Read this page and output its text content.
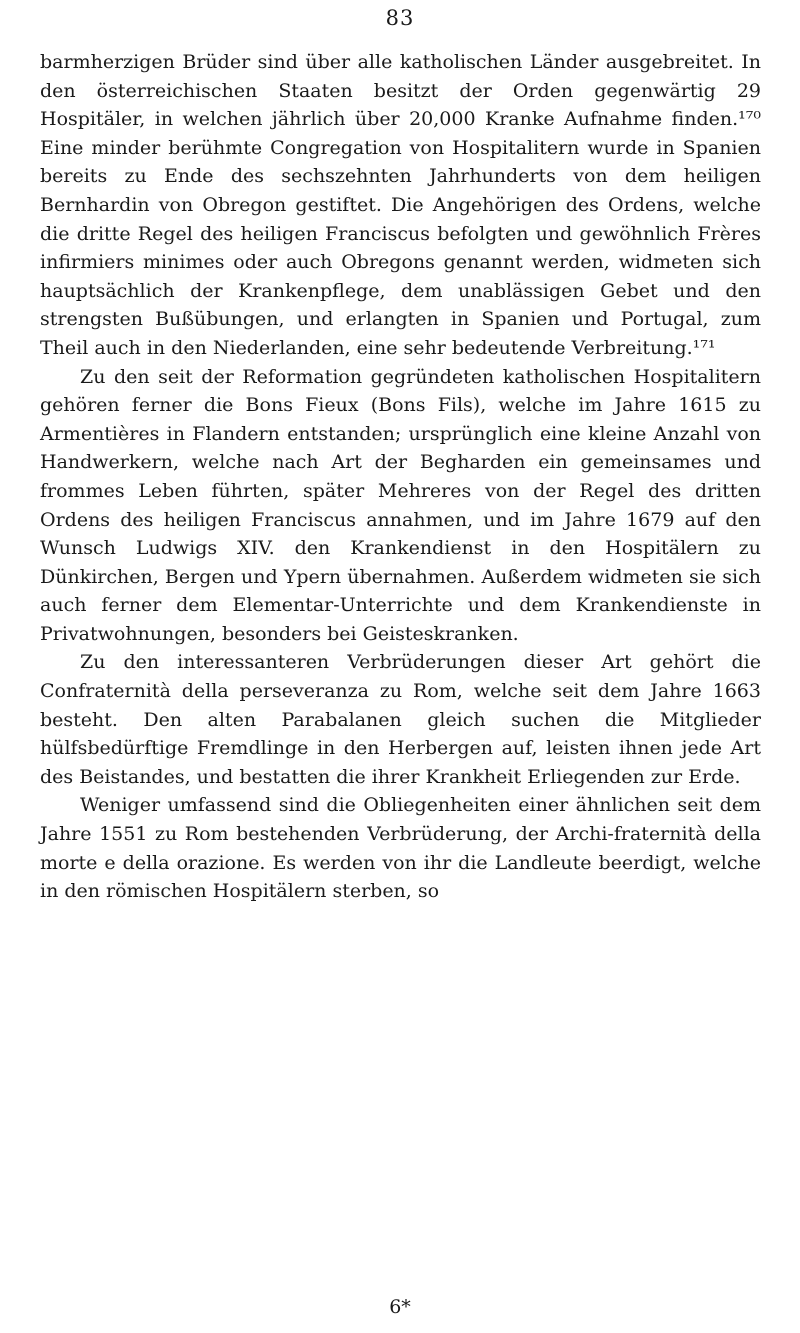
83

barmherzigen Brüder sind über alle katholischen Länder ausgebreitet. In den österreichischen Staaten besitzt der Orden gegenwärtig 29 Hospitäler, in welchen jährlich über 20,000 Kranke Aufnahme finden.¹⁷⁰ Eine minder berühmte Congregation von Hospitalitern wurde in Spanien bereits zu Ende des sechszehnten Jahrhunderts von dem heiligen Bernhardin von Obregon gestiftet. Die Angehörigen des Ordens, welche die dritte Regel des heiligen Franciscus befolgten und gewöhnlich Frères infirmiers minimes oder auch Obregons genannt werden, widmeten sich hauptsächlich der Krankenpflege, dem unablässigen Gebet und den strengsten Bußübungen, und erlangten in Spanien und Portugal, zum Theil auch in den Niederlanden, eine sehr bedeutende Verbreitung.¹⁷¹

Zu den seit der Reformation gegründeten katholischen Hospitalitern gehören ferner die Bons Fieux (Bons Fils), welche im Jahre 1615 zu Armentières in Flandern entstanden; ursprünglich eine kleine Anzahl von Handwerkern, welche nach Art der Begharden ein gemeinsames und frommes Leben führten, später Mehreres von der Regel des dritten Ordens des heiligen Franciscus annahmen, und im Jahre 1679 auf den Wunsch Ludwigs XIV. den Krankendienst in den Hospitälern zu Dünkirchen, Bergen und Ypern übernahmen. Außerdem widmeten sie sich auch ferner dem Elementar-Unterrichte und dem Krankendienste in Privatwohnungen, besonders bei Geisteskranken.

Zu den interessanteren Verbrüderungen dieser Art gehört die Confraternità della perseveranza zu Rom, welche seit dem Jahre 1663 besteht. Den alten Parabalanen gleich suchen die Mitglieder hülfsbedürftige Fremdlinge in den Herbergen auf, leisten ihnen jede Art des Beistandes, und bestatten die ihrer Krankheit Erliegenden zur Erde.

Weniger umfassend sind die Obliegenheiten einer ähnlichen seit dem Jahre 1551 zu Rom bestehenden Verbrüderung, der Archi-fraternità della morte e della orazione. Es werden von ihr die Landleute beerdigt, welche in den römischen Hospitälern sterben, so

6*
